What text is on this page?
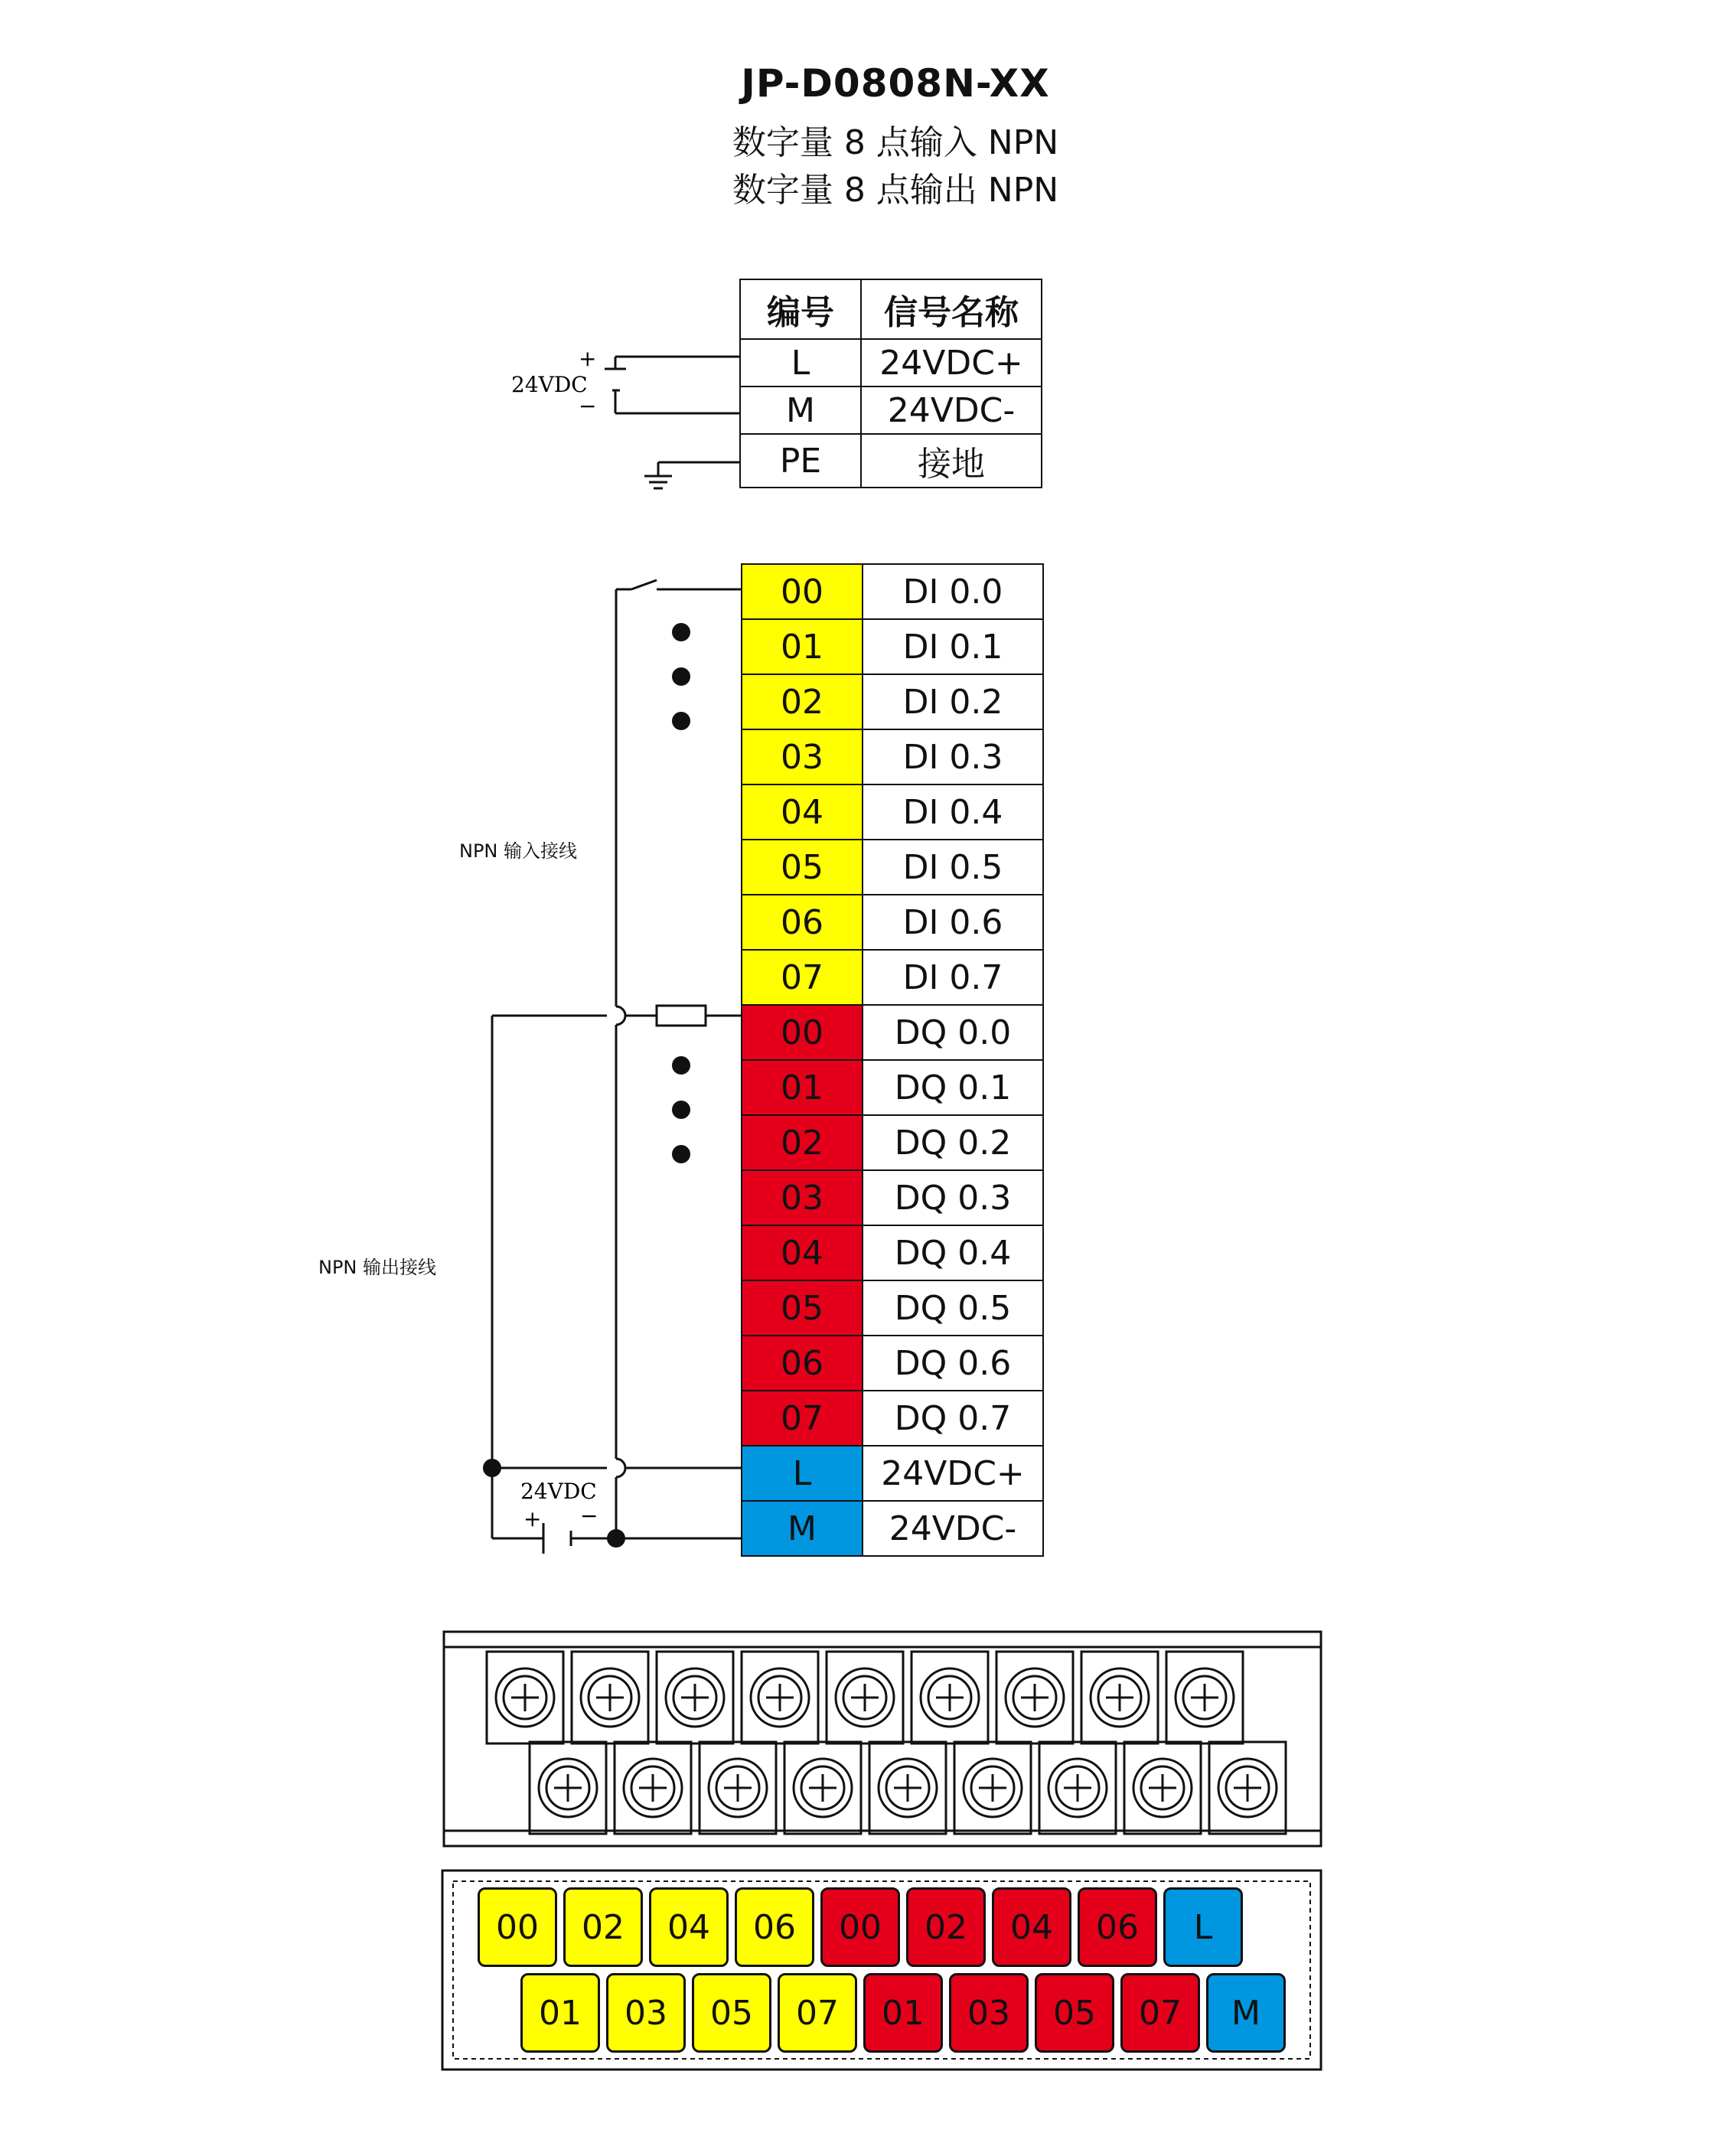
JP-D0808N-XX
数字量 8 点输入 NPN
数字量 8 点输出 NPN
编号	信号名称
L	24VDC+
M	24VDC-
PE	接地
+
24VDC
−
24VDC
+ −
00	DI 0.0
01	DI 0.1
02	DI 0.2
03	DI 0.3
04	DI 0.4
05	DI 0.5
06	DI 0.6
07	DI 0.7
00	DQ 0.0
01	DQ 0.1
02	DQ 0.2
03	DQ 0.3
04	DQ 0.4
05	DQ 0.5
06	DQ 0.6
07	DQ 0.7
L	24VDC+
M	24VDC-
NPN 输入接线
NPN 输出接线
00	02	04	06	00	02	04	06	L
01	03	05	07	01	03	05	07	M
